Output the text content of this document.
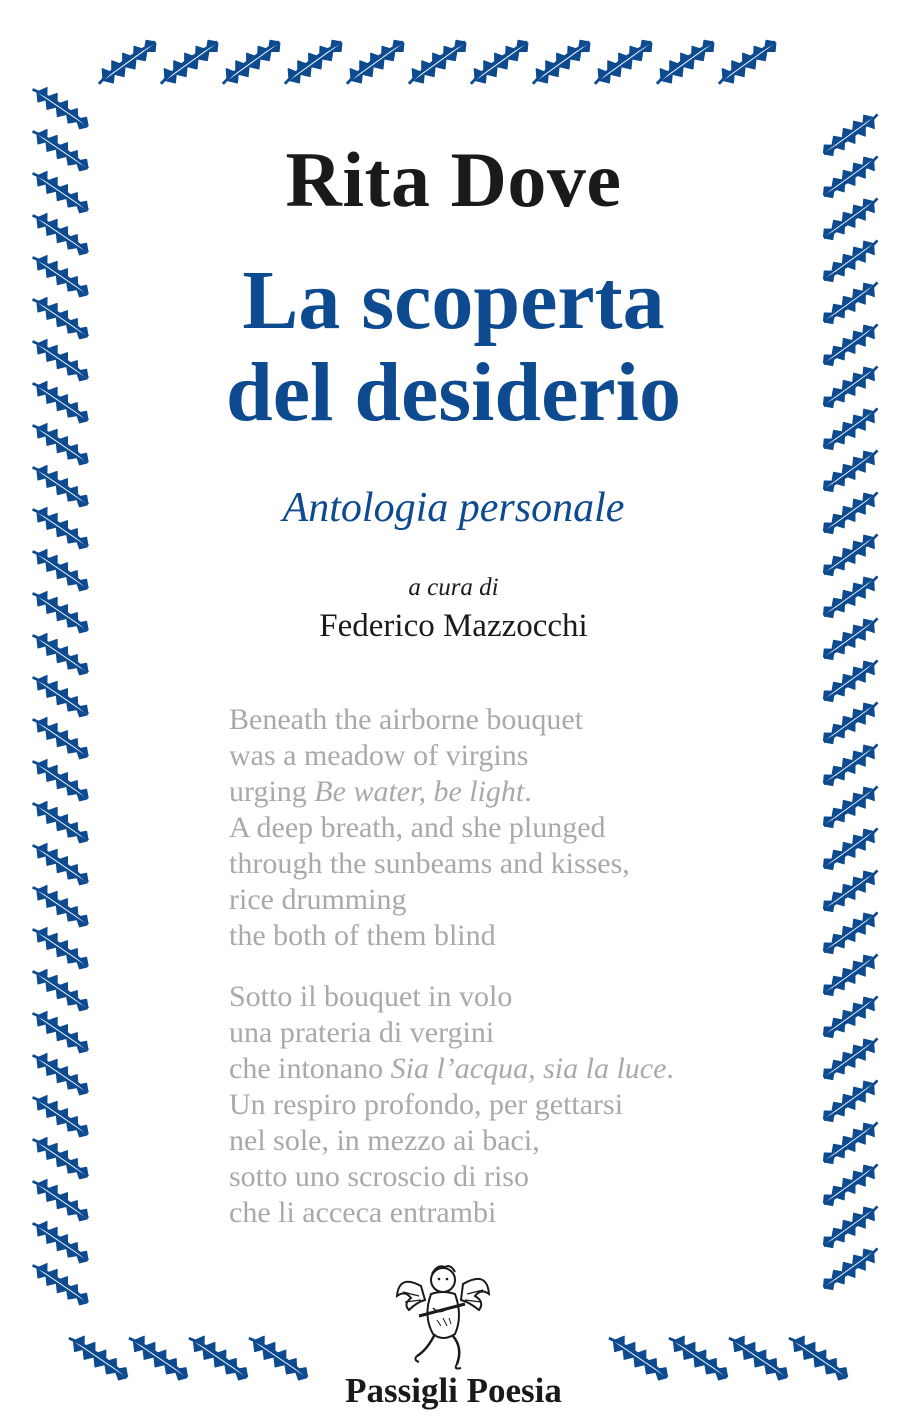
Rita Dove
La scoperta
del desiderio

Antologia personale

a cura di
Federico Mazzocchi
Beneath the airborne bouquet
was a meadow of virgins
urging Be water, be light.
A deep breath, and she plunged
through the sunbeams and kisses,
rice drumming
the both of them blind
Sotto il bouquet in volo
una prateria di vergini
che intonano Sia l’acqua, sia la luce.
Un respiro profondo, per gettarsi
nel sole, in mezzo ai baci,
sotto uno scroscio di riso
che li acceca entrambi
Passigli Poesia
